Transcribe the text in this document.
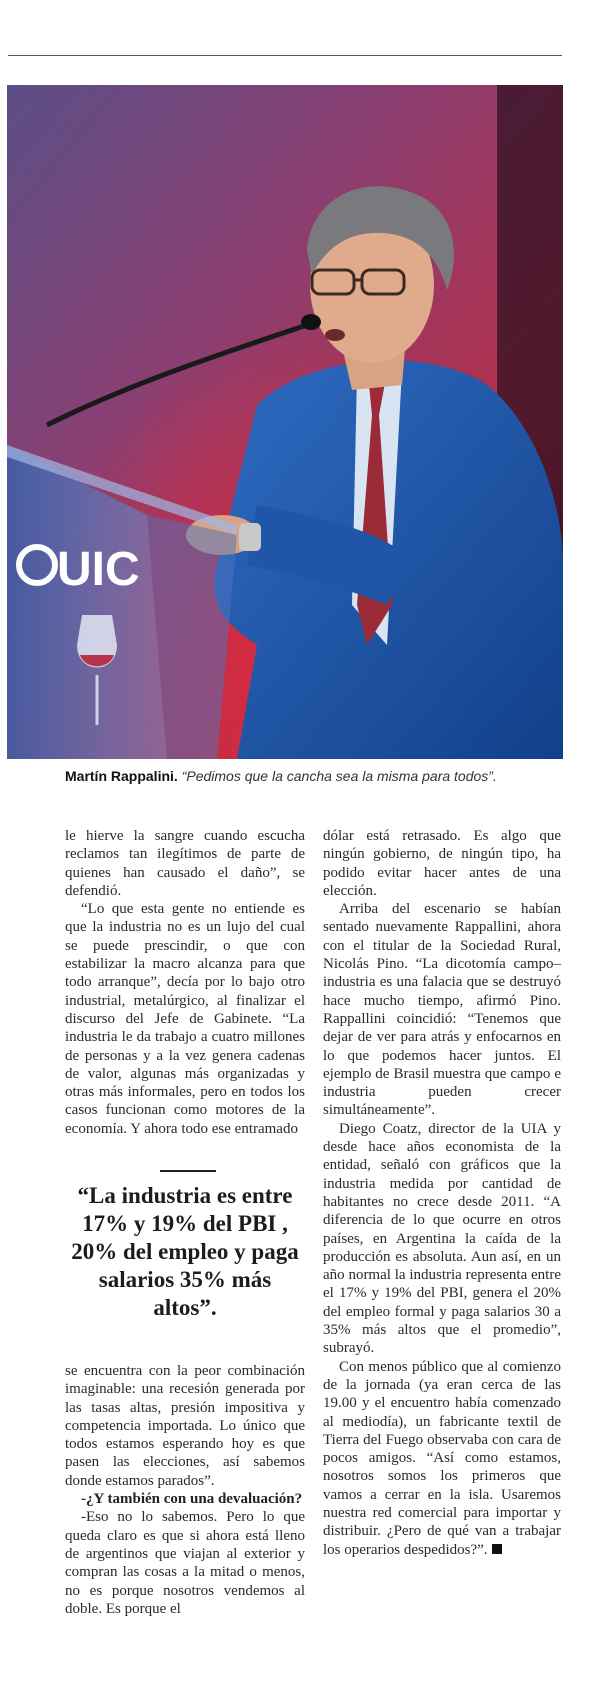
UIC
Martín Rappalini. “Pedimos que la cancha sea la misma para todos”.

le hierve la sangre cuando escucha reclamos tan ilegítimos de parte de quienes han causado el daño”, se defendió.

“Lo que esta gente no entiende es que la industria no es un lujo del cual se puede prescindir, o que con estabilizar la macro alcanza para que todo arranque”, decía por lo bajo otro industrial, metalúrgico, al finalizar el discurso del Jefe de Gabinete. “La industria le da trabajo a cuatro millones de personas y a la vez genera cadenas de valor, algunas más organizadas y otras más informales, pero en todos los casos funcionan como motores de la economía. Y ahora todo ese entramado

“La industria es entre 17% y 19% del PBI , 20% del empleo y paga salarios 35% más altos”.

se encuentra con la peor combinación imaginable: una recesión generada por las tasas altas, presión impositiva y competencia importada. Lo único que todos estamos esperando hoy es que pasen las elecciones, así sabemos donde estamos parados”.

-¿Y también con una devaluación?

-Eso no lo sabemos. Pero lo que queda claro es que si ahora está lleno de argentinos que viajan al exterior y compran las cosas a la mitad o menos, no es porque nosotros vendemos al doble. Es porque el

dólar está retrasado. Es algo que ningún gobierno, de ningún tipo, ha podido evitar hacer antes de una elección.

Arriba del escenario se habían sentado nuevamente Rappallini, ahora con el titular de la Sociedad Rural, Nicolás Pino. “La dicotomía campo–industria es una falacia que se destruyó hace mucho tiempo, afirmó Pino. Rappallini coincidió: “Tenemos que dejar de ver para atrás y enfocarnos en lo que podemos hacer juntos. El ejemplo de Brasil muestra que campo e industria pueden crecer simultáneamente”.

Diego Coatz, director de la UIA y desde hace años economista de la entidad, señaló con gráficos que la industria medida por cantidad de habitantes no crece desde 2011. “A diferencia de lo que ocurre en otros países, en Argentina la caída de la producción es absoluta. Aun así, en un año normal la industria representa entre el 17% y 19% del PBI, genera el 20% del empleo formal y paga salarios 30 a 35% más altos que el promedio”, subrayó.

Con menos público que al comienzo de la jornada (ya eran cerca de las 19.00 y el encuentro había comenzado al mediodía), un fabricante textil de Tierra del Fuego observaba con cara de pocos amigos. “Así como estamos, nosotros somos los primeros que vamos a cerrar en la isla. Usaremos nuestra red comercial para importar y distribuir. ¿Pero de qué van a trabajar los operarios despedidos?”.
